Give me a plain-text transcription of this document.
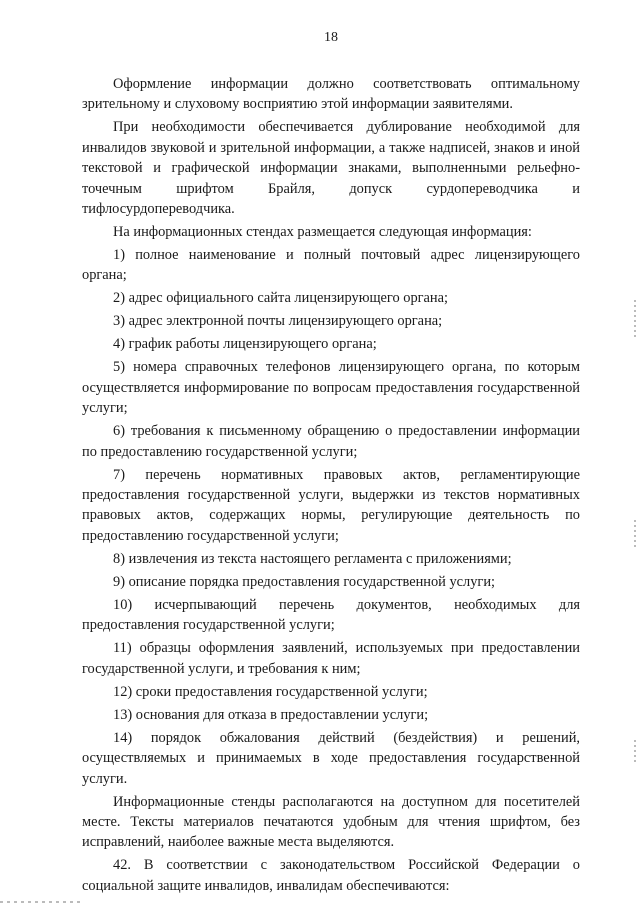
18

Оформление информации должно соответствовать оптимальному зрительному и слуховому восприятию этой информации заявителями.

При необходимости обеспечивается дублирование необходимой для инвалидов звуковой и зрительной информации, а также надписей, знаков и иной текстовой и графической информации знаками, выполненными рельефно-точечным шрифтом Брайля, допуск сурдопереводчика и тифлосурдопереводчика.

На информационных стендах размещается следующая информация:

1) полное наименование и полный почтовый адрес лицензирующего органа;

2) адрес официального сайта лицензирующего органа;

3) адрес электронной почты лицензирующего органа;

4) график работы лицензирующего органа;

5) номера справочных телефонов лицензирующего органа, по которым осуществляется информирование по вопросам предоставления государственной услуги;

6) требования к письменному обращению о предоставлении информации по предоставлению государственной услуги;

7) перечень нормативных правовых актов, регламентирующие предоставления государственной услуги, выдержки из текстов нормативных правовых актов, содержащих нормы, регулирующие деятельность по предоставлению государственной услуги;

8) извлечения из текста настоящего регламента с приложениями;

9) описание порядка предоставления государственной услуги;

10) исчерпывающий перечень документов, необходимых для предоставления государственной услуги;

11) образцы оформления заявлений, используемых при предоставлении государственной услуги, и требования к ним;

12) сроки предоставления государственной услуги;

13) основания для отказа в предоставлении услуги;

14) порядок обжалования действий (бездействия) и решений, осуществляемых и принимаемых в ходе предоставления государственной услуги.

Информационные стенды располагаются на доступном для посетителей месте. Тексты материалов печатаются удобным для чтения шрифтом, без исправлений, наиболее важные места выделяются.

42. В соответствии с законодательством Российской Федерации о социальной защите инвалидов, инвалидам обеспечиваются:
